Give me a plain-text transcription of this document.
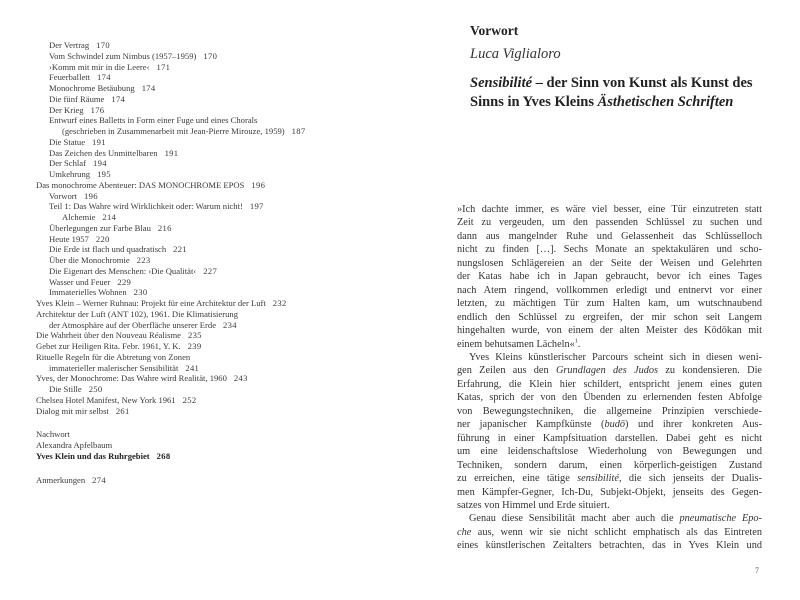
Der Vertrag 170
Vom Schwindel zum Nimbus (1957–1959) 170
›Komm mit mir in die Leere‹ 171
Feuerballett 174
Monochrome Betäubung 174
Die fünf Räume 174
Der Krieg 176
Entwurf eines Balletts in Form einer Fuge und eines Chorals
(geschrieben in Zusammenarbeit mit Jean-Pierre Mirouze, 1959) 187
Die Statue 191
Das Zeichen des Unmittelbaren 191
Der Schlaf 194
Umkehrung 195
Das monochrome Abenteuer: DAS MONOCHROME EPOS 196
Vorwort 196
Teil 1: Das Wahre wird Wirklichkeit oder: Warum nicht! 197
Alchemie 214
Überlegungen zur Farbe Blau 216
Heute 1957 220
Die Erde ist flach und quadratisch 221
Über die Monochromie 223
Die Eigenart des Menschen: ›Die Qualität‹ 227
Wasser und Feuer 229
Immaterielles Wohnen 230
Yves Klein – Werner Ruhnau: Projekt für eine Architektur der Luft 232
Architektur der Luft (ANT 102), 1961. Die Klimatisierung
der Atmosphäre auf der Oberfläche unserer Erde 234
Die Wahrheit über den Nouveau Réalisme 235
Gebet zur Heiligen Rita. Febr. 1961, Y. K. 239
Rituelle Regeln für die Abtretung von Zonen
immaterieller malerischer Sensibilität 241
Yves, der Monochrome: Das Wahre wird Realität, 1960 243
Die Stille 250
Chelsea Hotel Manifest, New York 1961 252
Dialog mit mir selbst 261
Nachwort
Alexandra Apfelbaum
Yves Klein und das Ruhrgebiet 268
Anmerkungen 274
Vorwort
Luca Viglialoro
Sensibilité – der Sinn von Kunst als Kunst des Sinns in Yves Kleins Ästhetischen Schriften
»Ich dachte immer, es wäre viel besser, eine Tür einzutreten statt
Zeit zu vergeuden, um den passenden Schlüssel zu suchen und
dann aus mangelnder Ruhe und Gelassenheit das Schlüsselloch
nicht zu finden […]. Sechs Monate an spektakulären und scho-
nungslosen Schlägereien an der Seite der Weisen und Gelehrten
der Katas habe ich in Japan gebraucht, bevor ich eines Tages
nach Atem ringend, vollkommen erledigt und entnervt vor einer
letzten, zu mächtigen Tür zum Halten kam, um wutschnaubend
endlich den Schlüssel zu ergreifen, der mir schon seit Langem
hingehalten wurde, von einem der alten Meister des Kōdōkan mit
einem behutsamen Lächeln«$^1$.
Yves Kleins künstlerischer Parcours scheint sich in diesen weni-
gen Zeilen aus den Grundlagen des Judos zu kondensieren. Die
Erfahrung, die Klein hier schildert, entspricht jenem eines guten
Katas, sprich der von den Übenden zu erlernenden festen Abfolge
von Bewegungstechniken, die allgemeine Prinzipien verschiede-
ner japanischer Kampfkünste (budō) und ihrer konkreten Aus-
führung in einer Kampfsituation darstellen. Dabei geht es nicht
um eine leidenschaftslose Wiederholung von Bewegungen und
Techniken, sondern darum, einen körperlich-geistigen Zustand
zu erreichen, eine tätige sensibilité, die sich jenseits der Dualis-
men Kämpfer-Gegner, Ich-Du, Subjekt-Objekt, jenseits des Gegen-
satzes von Himmel und Erde situiert.
Genau diese Sensibilität macht aber auch die pneumatische Epo-
che aus, wenn wir sie nicht schlicht emphatisch als das Eintreten
eines künstlerischen Zeitalters betrachten, das in Yves Klein und
7
